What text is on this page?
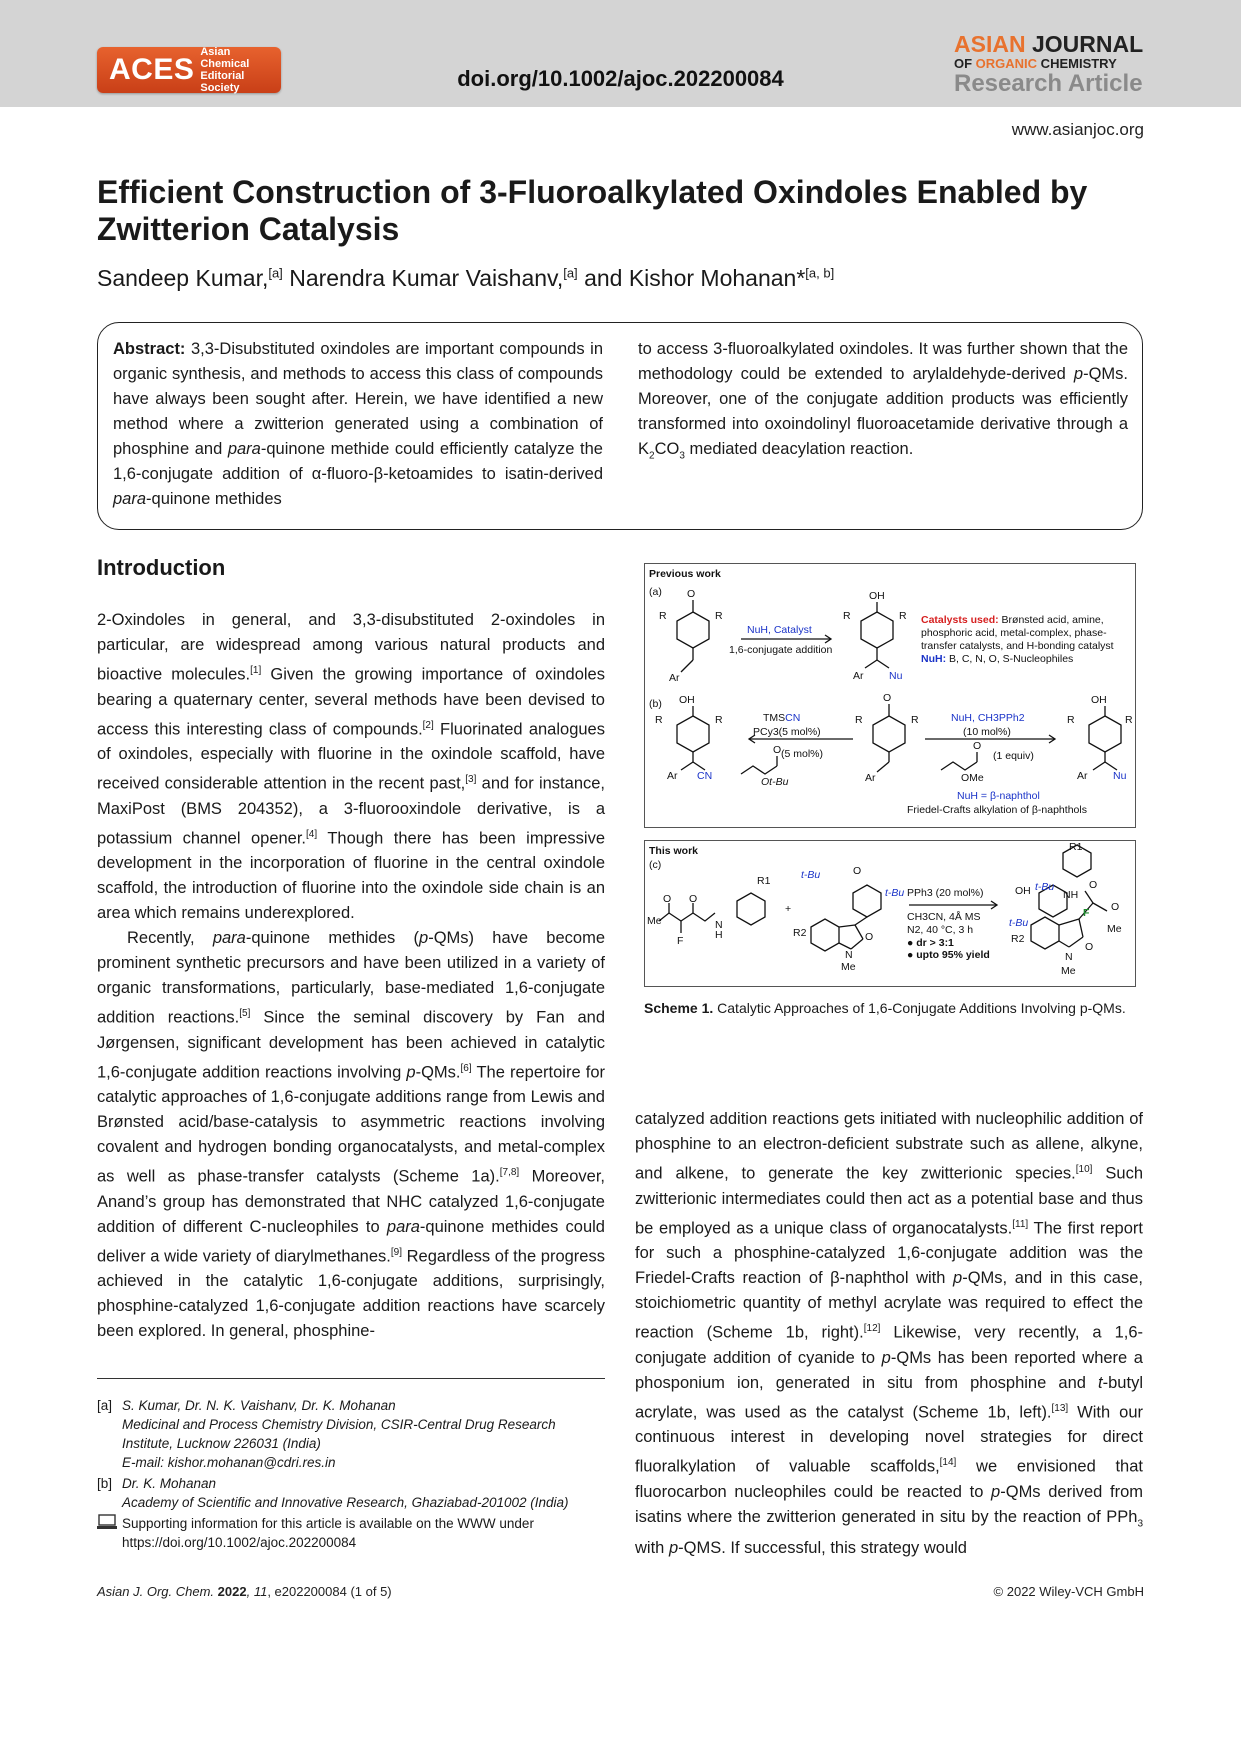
ACES
Asian Chemical
Editorial Society	doi.org/10.1002/ajoc.202200084
ASIAN JOURNAL
OF ORGANIC CHEMISTRY
Research Article
www.asianjoc.org
Efficient Construction of 3-Fluoroalkylated Oxindoles Enabled by Zwitterion Catalysis
Sandeep Kumar,[a] Narendra Kumar Vaishanv,[a] and Kishor Mohanan*[a, b]
Abstract: 3,3-Disubstituted oxindoles are important compounds in organic synthesis, and methods to access this class of compounds have always been sought after. Herein, we have identified a new method where a zwitterion generated using a combination of phosphine and para-quinone methide could efficiently catalyze the 1,6-conjugate addition of α-fluoro-β-ketoamides to isatin-derived para-quinone methides
to access 3-fluoroalkylated oxindoles. It was further shown that the methodology could be extended to arylaldehyde-derived p-QMs. Moreover, one of the conjugate addition products was efficiently transformed into oxoindolinyl fluoroacetamide derivative through a $K_2CO_3$ mediated deacylation reaction.
Introduction
2-Oxindoles in general, and 3,3-disubstituted 2-oxindoles in particular, are widespread among various natural products and bioactive molecules.[1] Given the growing importance of oxindoles bearing a quaternary center, several methods have been devised to access this interesting class of compounds.[2] Fluorinated analogues of oxindoles, especially with fluorine in the oxindole scaffold, have received considerable attention in the recent past,[3] and for instance, MaxiPost (BMS 204352), a 3-fluorooxindole derivative, is a potassium channel opener.[4] Though there has been impressive development in the incorporation of fluorine in the central oxindole scaffold, the introduction of fluorine into the oxindole side chain is an area which remains underexplored.
Recently, para-quinone methides (p-QMs) have become prominent synthetic precursors and have been utilized in a variety of organic transformations, particularly, base-mediated 1,6-conjugate addition reactions.[5] Since the seminal discovery by Fan and Jørgensen, significant development has been achieved in catalytic 1,6-conjugate addition reactions involving p-QMs.[6] The repertoire for catalytic approaches of 1,6-conjugate additions range from Lewis and Brønsted acid/base-catalysis to asymmetric reactions involving covalent and hydrogen bonding organocatalysts, and metal-complex as well as phase-transfer catalysts (Scheme 1a).[7,8] Moreover, Anand’s group has demonstrated that NHC catalyzed 1,6-conjugate addition of different C-nucleophiles to para-quinone methides could deliver a wide variety of diarylmethanes.[9] Regardless of the progress achieved in the catalytic 1,6-conjugate additions, surprisingly, phosphine-catalyzed 1,6-conjugate addition reactions have scarcely been explored. In general, phosphine-
catalyzed addition reactions gets initiated with nucleophilic addition of phosphine to an electron-deficient substrate such as allene, alkyne, and alkene, to generate the key zwitterionic species.[10] Such zwitterionic intermediates could then act as a potential base and thus be employed as a unique class of organocatalysts.[11] The first report for such a phosphine-catalyzed 1,6-conjugate addition was the Friedel-Crafts reaction of β-naphthol with p-QMs, and in this case, stoichiometric quantity of methyl acrylate was required to effect the reaction (Scheme 1b, right).[12] Likewise, very recently, a 1,6-conjugate addition of cyanide to p-QMs has been reported where a phosponium ion, generated in situ from phosphine and t-butyl acrylate, was used as the catalyst (Scheme 1b, left).[13] With our continuous interest in developing novel strategies for direct fluoralkylation of valuable scaffolds,[14] we envisioned that fluorocarbon nucleophiles could be reacted to p-QMs derived from isatins where the zwitterion generated in situ by the reaction of PPh$_3$ with p-QMS. If successful, this strategy would
Previous work
(a) O
R	R
Ar
NuH, Catalyst
1,6-conjugate addition
OH
R	R
Ar Nu
Catalysts used: Brønsted acid, amine,
phosphoric acid, metal-complex, phase-
transfer catalysts, and H-bonding catalyst
NuH: B, C, N, O, S-Nucleophiles
(b) OH
R	R
Ar CN
TMSCN
PCy3(5 mol%)
(5 mol%)
O
Ot-Bu
O
R	R
Ar
NuH, CH3PPh2
(10 mol%)
O
(1 equiv)
OMe
OH
R	R
Ar Nu
NuH = β-naphthol
Friedel-Crafts alkylation of β-naphthols
This work
(c)
O O
Me
F
N
H
R1
+
t-Bu	O
t-Bu
R2	O
N
Me
PPh3 (20 mol%)
CH3CN, 4Å MS
N2, 40 °C, 3 h
● dr > 3:1
● upto 95% yield
R1
OH t-Bu
t-Bu
NH
O
F O
Me
R2
O
N
Me
Scheme 1. Catalytic Approaches of 1,6-Conjugate Additions Involving p-QMs.
[a] S. Kumar, Dr. N. K. Vaishanv, Dr. K. Mohanan
Medicinal and Process Chemistry Division, CSIR-Central Drug Research Institute, Lucknow 226031 (India)
E-mail: kishor.mohanan@cdri.res.in
[b] Dr. K. Mohanan
Academy of Scientific and Innovative Research, Ghaziabad-201002 (India)
Supporting information for this article is available on the WWW under https://doi.org/10.1002/ajoc.202200084
Asian J. Org. Chem. 2022, 11, e202200084 (1 of 5)	© 2022 Wiley-VCH GmbH
